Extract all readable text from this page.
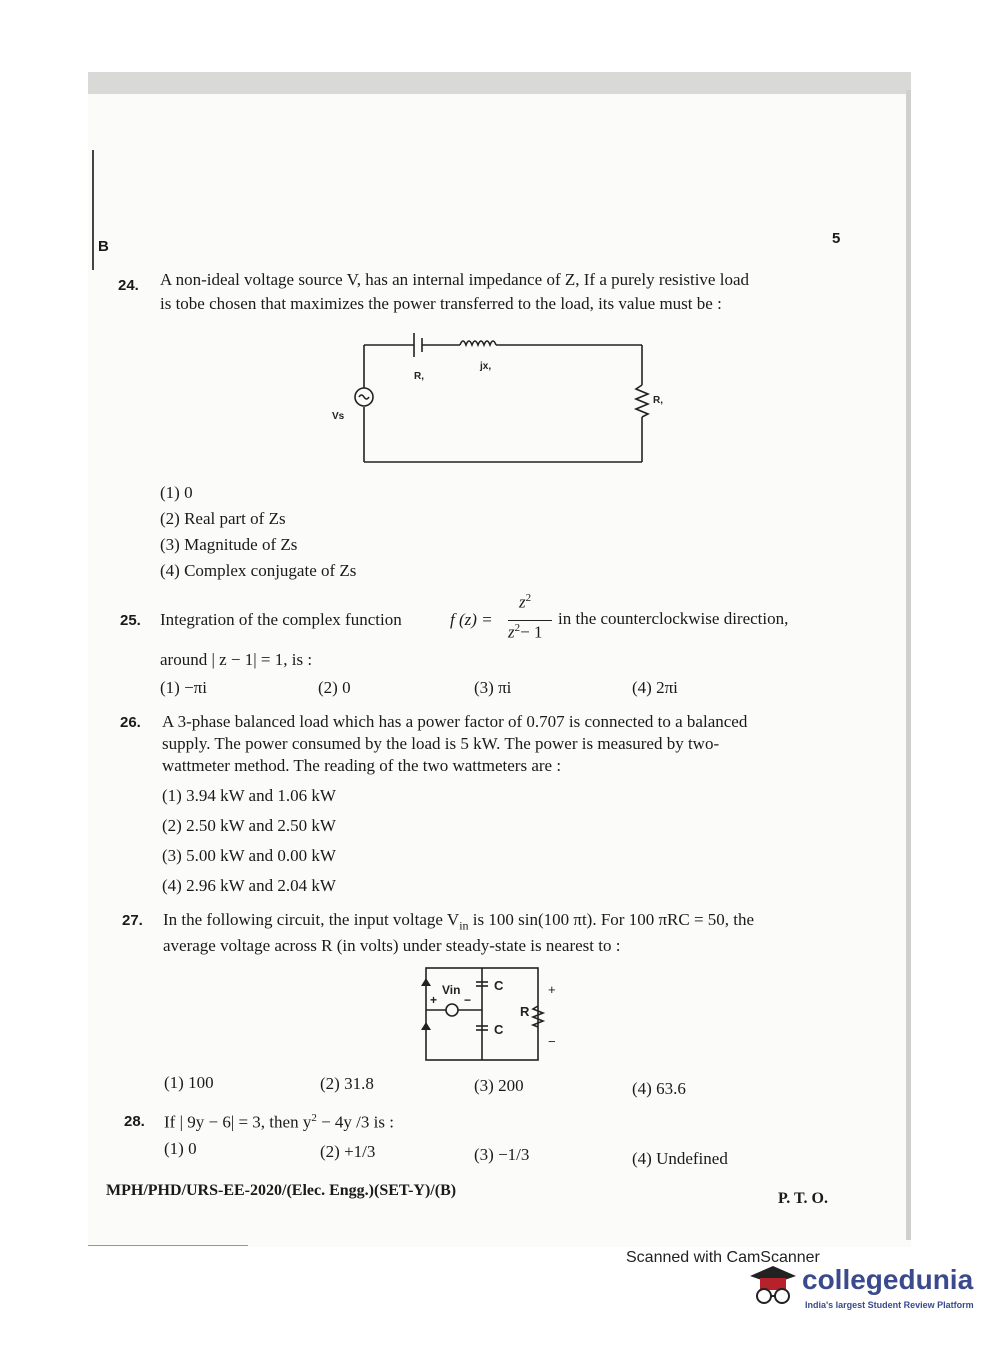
B	5
24. A non-ideal voltage source V, has an internal impedance of Z, If a purely resistive load
is tobe chosen that maximizes the power transferred to the load, its value must be :
Vs
R,
jx,
R,
(1) 0
(2) Real part of Zs
(3) Magnitude of Zs
(4) Complex conjugate of Zs
25. Integration of the complex function	f (z) =
$z^2$
$z^2- 1$
in the counterclockwise direction,
around | z − 1| = 1, is :
(1) −πi	(2) 0	(3) πi	(4) 2πi
26. A 3-phase balanced load which has a power factor of 0.707 is connected to a balanced
supply. The power consumed by the load is 5 kW. The power is measured by two-
wattmeter method. The reading of the two wattmeters are :
(1) 3.94 kW and 1.06 kW
(2) 2.50 kW and 2.50 kW
(3) 5.00 kW and 0.00 kW
(4) 2.96 kW and 2.04 kW
27. In the following circuit, the input voltage $V_{in}$ is 100 sin(100 πt). For 100 πRC = 50, the
average voltage across R (in volts) under steady-state is nearest to :
Vin
+ −
C
C
R
+
−
(1) 100	(2) 31.8	(3) 200	(4) 63.6
28. If | 9y − 6| = 3, then $y^2 - 4y$ /3 is :
(1) 0	(2) +1/3	(3) −1/3	(4) Undefined
MPH/PHD/URS-EE-2020/(Elec. Engg.)(SET-Y)/(B)	P. T. O.
Scanned with CamScanner
collegedunia
India's largest Student Review Platform
